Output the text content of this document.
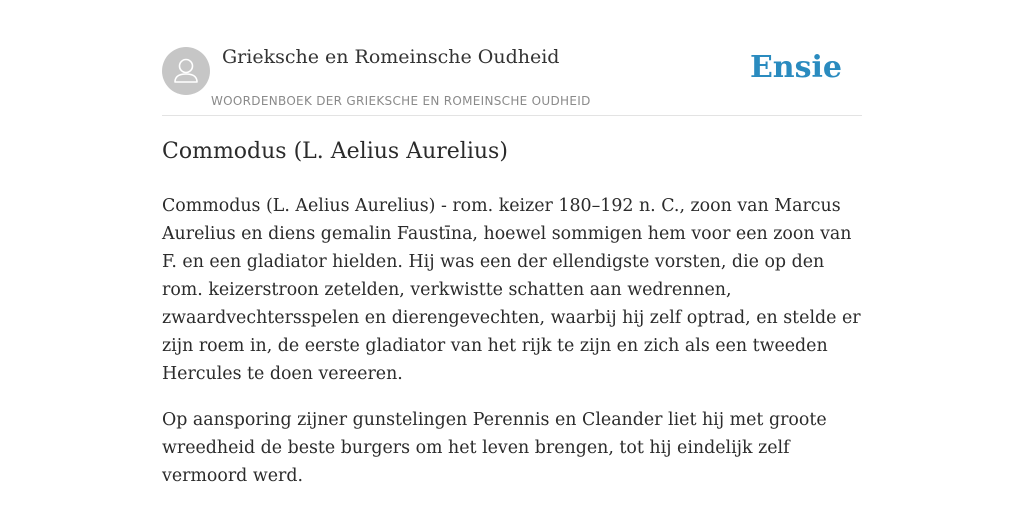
Grieksche en Romeinsche Oudheid
WOORDENBOEK DER GRIEKSCHE EN ROMEINSCHE OUDHEID
Ensie
Commodus (L. Aelius Aurelius)

Commodus (L. Aelius Aurelius) - rom. keizer 180–192 n. C., zoon van Marcus Aurelius en diens gemalin Faustīna, hoewel sommigen hem voor een zoon van F. en een gladiator hielden. Hij was een der ellendigste vorsten, die op den rom. keizerstroon zetelden, verkwistte schatten aan wedrennen, zwaardvechtersspelen en dierengevechten, waarbij hij zelf optrad, en stelde er zijn roem in, de eerste gladiator van het rijk te zijn en zich als een tweeden Hercules te doen vereeren.

Op aansporing zijner gunstelingen Perennis en Cleander liet hij met groote wreedheid de beste burgers om het leven brengen, tot hij eindelijk zelf vermoord werd.
